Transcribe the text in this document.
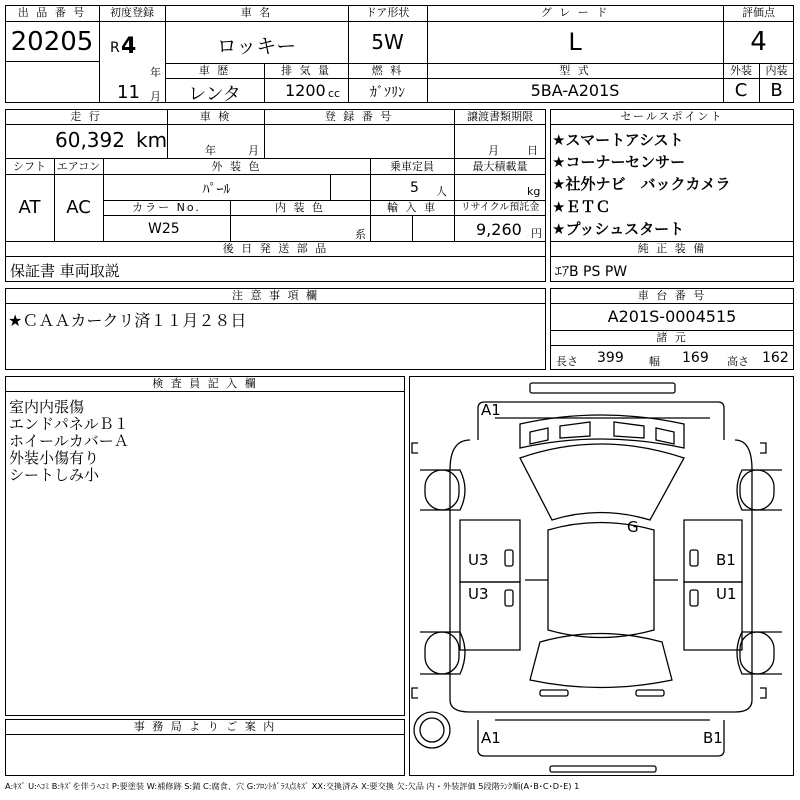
出 品 番 号
20205
初度登録
R 4
年
11 月
車 名
ロッキー
ドア形状
5W
グ レ ー ド
L
評価点
4
車 歴
レンタ
排 気 量
1200 cc
燃 料
ｶﾞｿﾘﾝ
型 式
5BA-A201S
外装	内装
C	B
走 行
60,392 km
車 検
年	月
登 録 番 号	譲渡書類期限
月	日
シフト エアコン
AT	AC
外 装 色
ﾊﾟｰﾙ
乗車定員
5 人
最大積載量
kg
カラー No.
W25
内 装 色
系
輸 入 車	リサイクル預託金
9,260 円
後 日 発 送 部 品
保証書 車両取説
セールスポイント
★スマートアシスト
★コーナーセンサー
★社外ナビ　バックカメラ
★ＥＴＣ
★プッシュスタート
純 正 装 備
ｴｱB PS PW
注 意 事 項 欄
★ＣＡＡカークリ済１１月２８日
車 台 番 号
A201S-0004515
諸 元
長さ 399 幅 169 高さ 162
検 査 員 記 入 欄
室内内張傷
エンドパネルＢ１
ホイールカバーＡ
外装小傷有り
シートしみ小
事 務 局 よ り ご 案 内
A1
G
U3	B1
U3	U1
A1	B1
A:ｷｽﾞ U:ﾍｺﾐ B:ｷｽﾞを伴うﾍｺﾐ P:要塗装 W:補修跡 S:錆 C:腐食、穴 G:ﾌﾛﾝﾄｶﾞﾗｽ点ｷｽﾞ XX:交換済み X:要交換 欠:欠品 内・外装評価 5段階ﾗﾝｸ順(A･B･C･D･E) 1
